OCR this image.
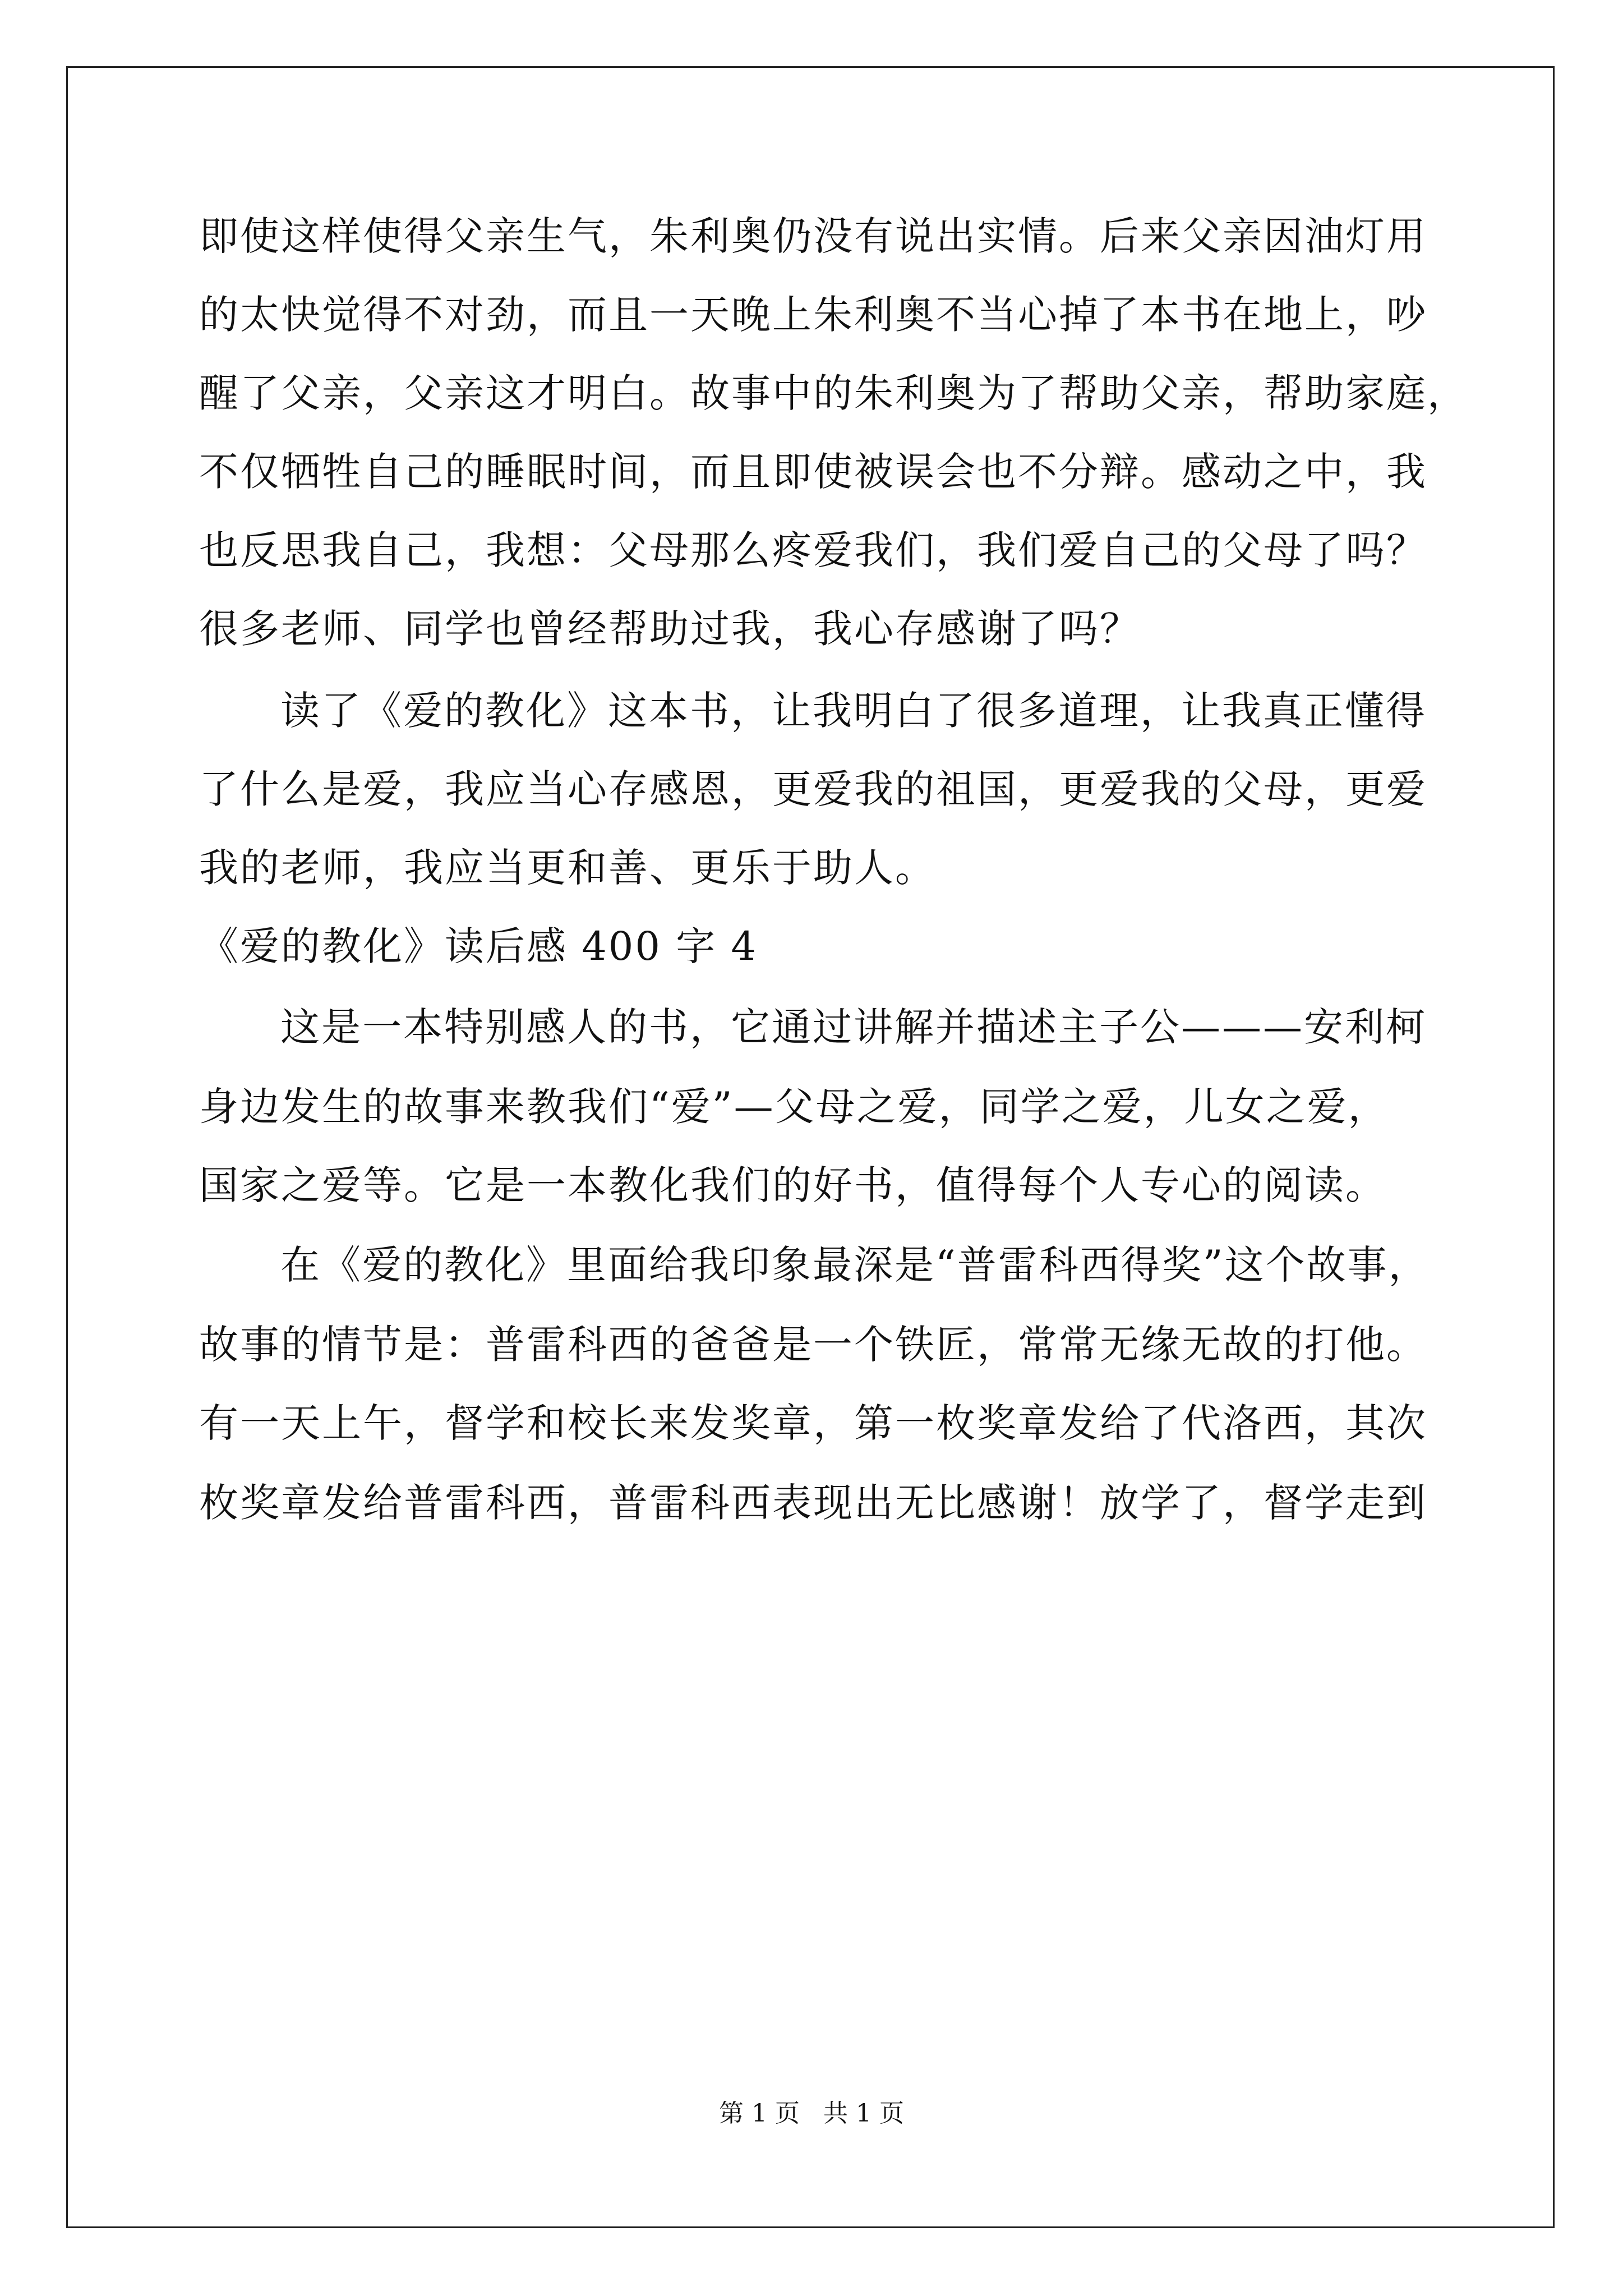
即使这样使得父亲生气，朱利奥仍没有说出实情。后来父亲因油灯用
的太快觉得不对劲，而且一天晚上朱利奥不当心掉了本书在地上，吵
醒了父亲，父亲这才明白。故事中的朱利奥为了帮助父亲，帮助家庭，
不仅牺牲自己的睡眠时间，而且即使被误会也不分辩。感动之中，我
也反思我自己，我想：父母那么疼爱我们，我们爱自己的父母了吗？
很多老师、同学也曾经帮助过我，我心存感谢了吗？
读了《爱的教化》这本书，让我明白了很多道理，让我真正懂得
了什么是爱，我应当心存感恩，更爱我的祖国，更爱我的父母，更爱
我的老师，我应当更和善、更乐于助人。
《爱的教化》读后感 400 字 4
这是一本特别感人的书，它通过讲解并描述主子公———安利柯
身边发生的故事来教我们“爱”—父母之爱，同学之爱，儿女之爱，
国家之爱等。它是一本教化我们的好书，值得每个人专心的阅读。
在《爱的教化》里面给我印象最深是“普雷科西得奖”这个故事，
故事的情节是：普雷科西的爸爸是一个铁匠，常常无缘无故的打他。
有一天上午，督学和校长来发奖章，第一枚奖章发给了代洛西，其次
枚奖章发给普雷科西，普雷科西表现出无比感谢！放学了，督学走到
第 1 页   共 1 页
